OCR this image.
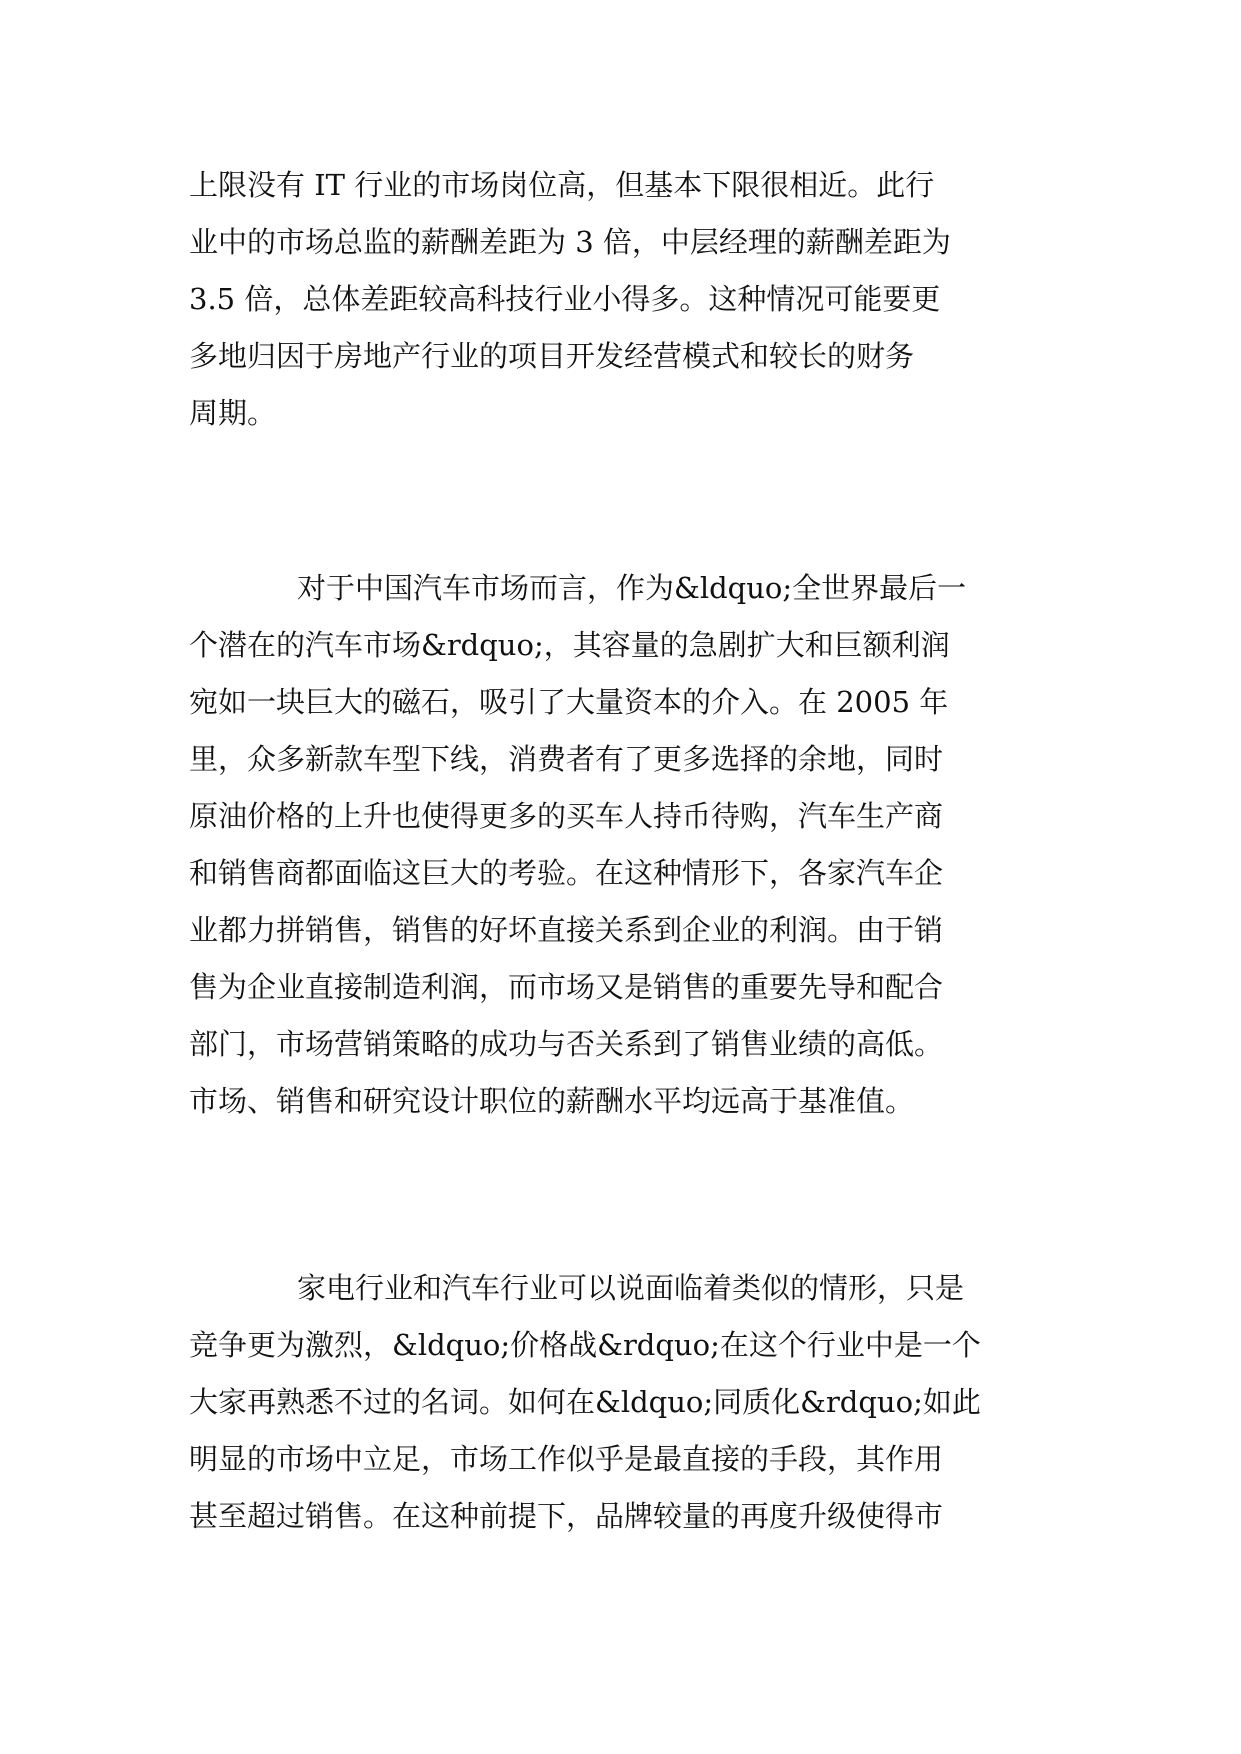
上限没有 IT 行业的市场岗位高，但基本下限很相近。此行
业中的市场总监的薪酬差距为 3 倍，中层经理的薪酬差距为
3.5 倍，总体差距较高科技行业小得多。这种情况可能要更
多地归因于房地产行业的项目开发经营模式和较长的财务
周期。
对于中国汽车市场而言，作为&ldquo;全世界最后一
个潜在的汽车市场&rdquo;，其容量的急剧扩大和巨额利润
宛如一块巨大的磁石，吸引了大量资本的介入。在 2005 年
里，众多新款车型下线，消费者有了更多选择的余地，同时
原油价格的上升也使得更多的买车人持币待购，汽车生产商
和销售商都面临这巨大的考验。在这种情形下，各家汽车企
业都力拼销售，销售的好坏直接关系到企业的利润。由于销
售为企业直接制造利润，而市场又是销售的重要先导和配合
部门，市场营销策略的成功与否关系到了销售业绩的高低。
市场、销售和研究设计职位的薪酬水平均远高于基准值。
家电行业和汽车行业可以说面临着类似的情形，只是
竞争更为激烈，&ldquo;价格战&rdquo;在这个行业中是一个
大家再熟悉不过的名词。如何在&ldquo;同质化&rdquo;如此
明显的市场中立足，市场工作似乎是最直接的手段，其作用
甚至超过销售。在这种前提下，品牌较量的再度升级使得市
